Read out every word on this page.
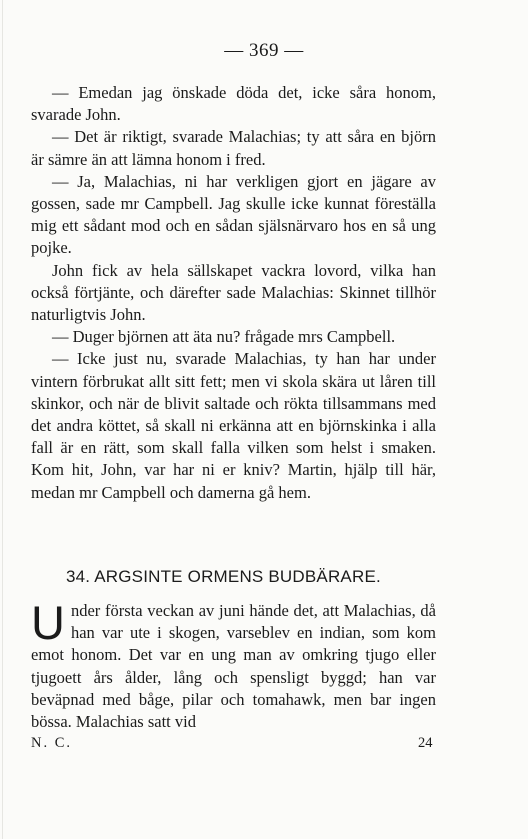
— 369 —

— Emedan jag önskade döda det, icke såra honom, svarade John.

— Det är riktigt, svarade Malachias; ty att såra en björn är sämre än att lämna honom i fred.

— Ja, Malachias, ni har verkligen gjort en jägare av gossen, sade mr Campbell. Jag skulle icke kunnat föreställa mig ett sådant mod och en sådan själsnärvaro hos en så ung pojke.

John fick av hela sällskapet vackra lovord, vilka han också förtjänte, och därefter sade Malachias: Skinnet tillhör naturligtvis John.

— Duger björnen att äta nu? frågade mrs Campbell.

— Icke just nu, svarade Malachias, ty han har under vintern förbrukat allt sitt fett; men vi skola skära ut låren till skinkor, och när de blivit saltade och rökta tillsammans med det andra köttet, så skall ni erkänna att en björnskinka i alla fall är en rätt, som skall falla vilken som helst i smaken. Kom hit, John, var har ni er kniv? Martin, hjälp till här, medan mr Campbell och damerna gå hem.

34. ARGSINTE ORMENS BUDBÄRARE.

Under första veckan av juni hände det, att Malachias, då han var ute i skogen, varseblev en indian, som kom emot honom. Det var en ung man av omkring tjugo eller tjugoett års ålder, lång och spensligt byggd; han var beväpnad med båge, pilar och tomahawk, men bar ingen bössa. Malachias satt vid

N. C.	24
